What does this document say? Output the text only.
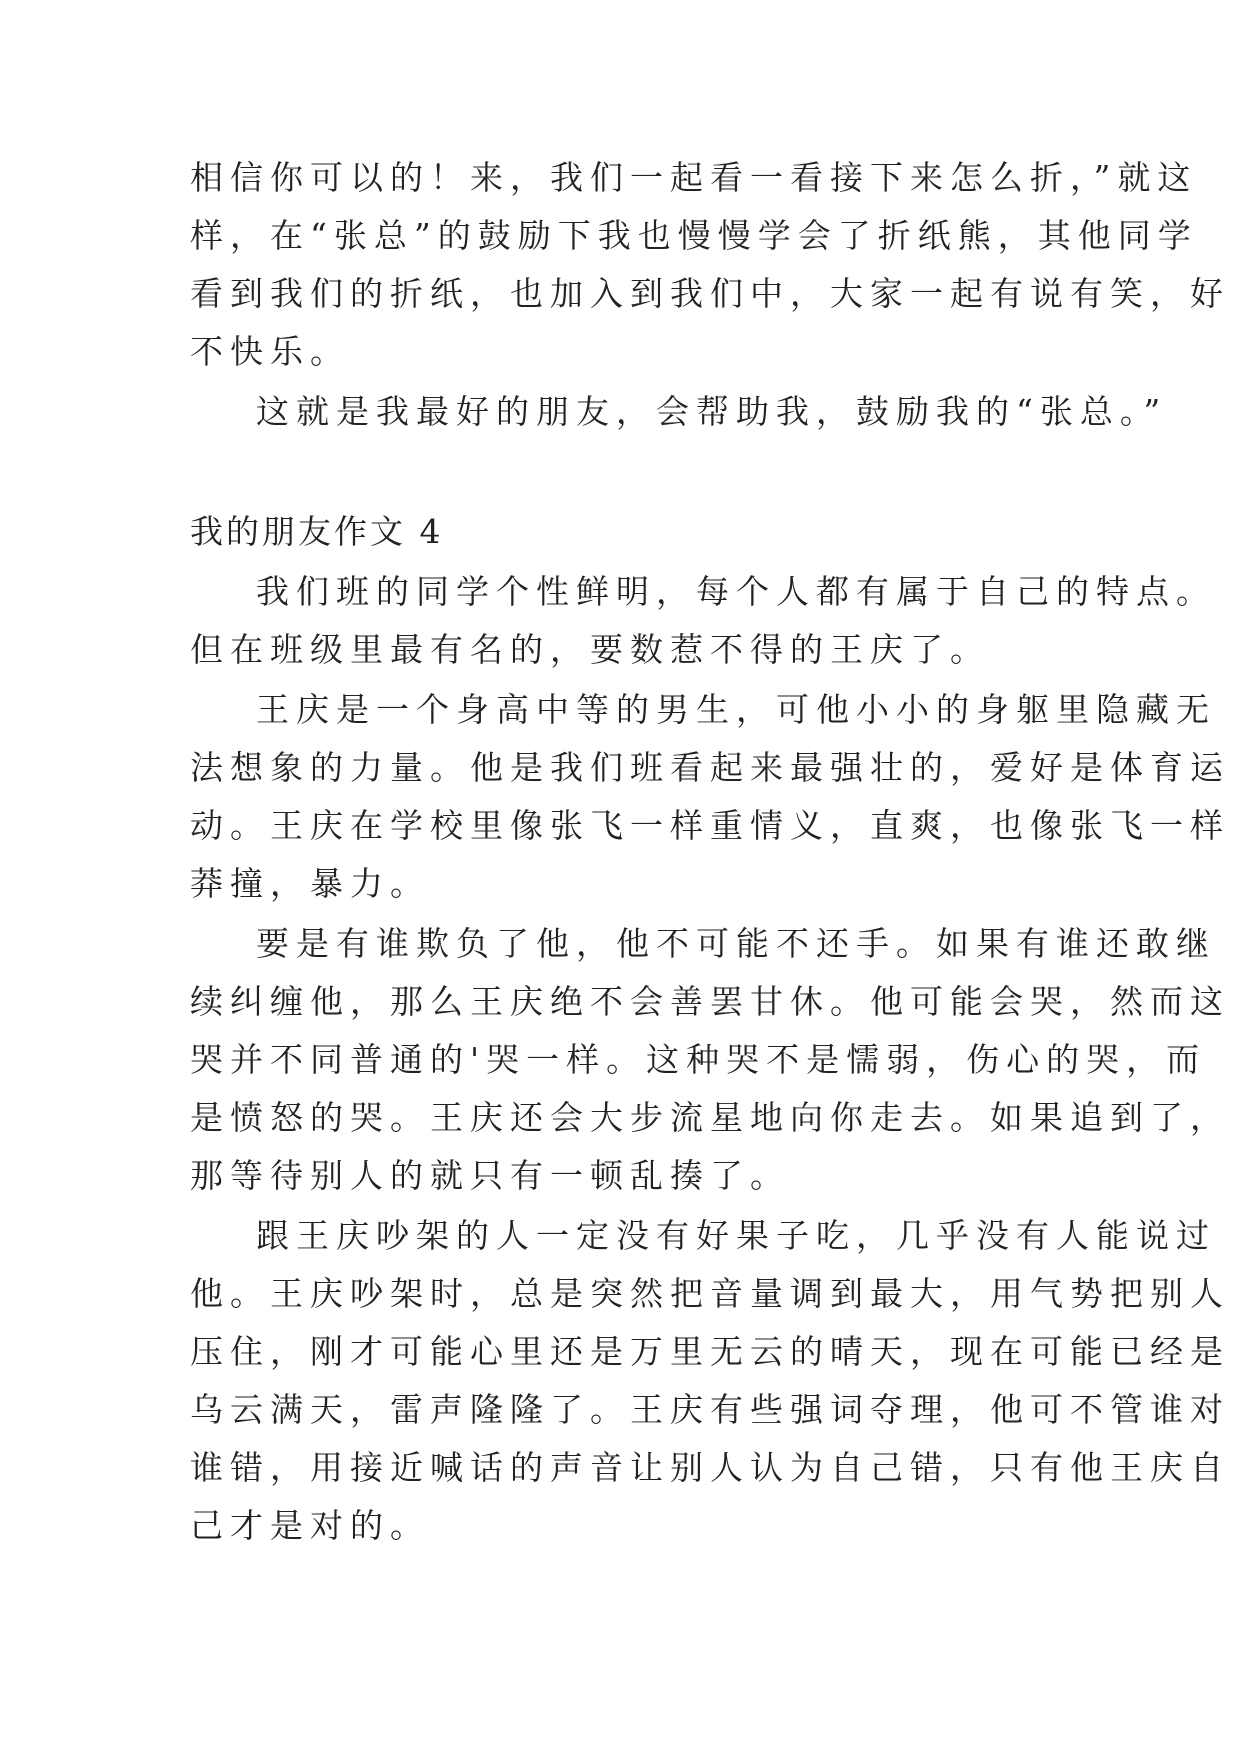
相信你可以的！来，我们一起看一看接下来怎么折，”就这
样，在“张总”的鼓励下我也慢慢学会了折纸熊，其他同学
看到我们的折纸，也加入到我们中，大家一起有说有笑，好
不快乐。
这就是我最好的朋友，会帮助我，鼓励我的“张总。”
我的朋友作文 4
我们班的同学个性鲜明，每个人都有属于自己的特点。
但在班级里最有名的，要数惹不得的王庆了。
王庆是一个身高中等的男生，可他小小的身躯里隐藏无
法想象的力量。他是我们班看起来最强壮的，爱好是体育运
动。王庆在学校里像张飞一样重情义，直爽，也像张飞一样
莽撞，暴力。
要是有谁欺负了他，他不可能不还手。如果有谁还敢继
续纠缠他，那么王庆绝不会善罢甘休。他可能会哭，然而这
哭并不同普通的'哭一样。这种哭不是懦弱，伤心的哭，而
是愤怒的哭。王庆还会大步流星地向你走去。如果追到了，
那等待别人的就只有一顿乱揍了。
跟王庆吵架的人一定没有好果子吃，几乎没有人能说过
他。王庆吵架时，总是突然把音量调到最大，用气势把别人
压住，刚才可能心里还是万里无云的晴天，现在可能已经是
乌云满天，雷声隆隆了。王庆有些强词夺理，他可不管谁对
谁错，用接近喊话的声音让别人认为自己错，只有他王庆自
己才是对的。
